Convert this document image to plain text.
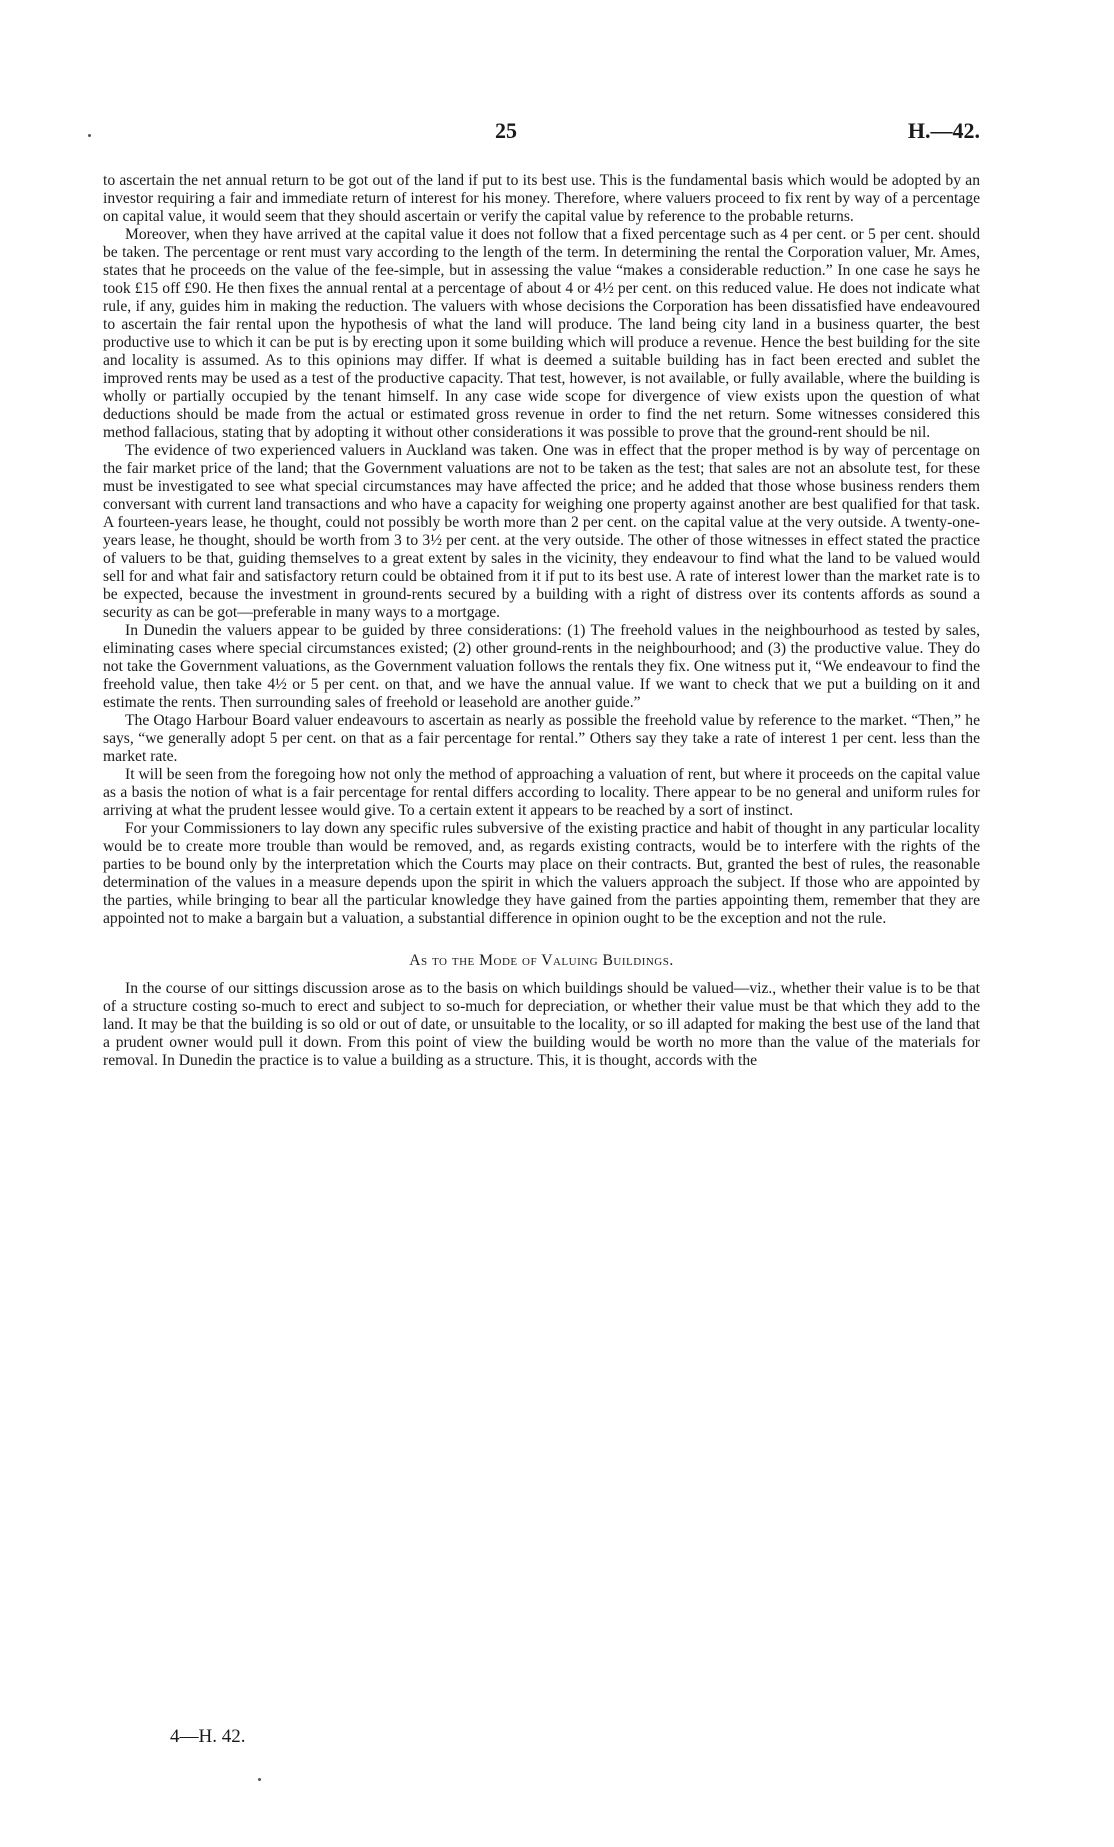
25	H.—42.

to ascertain the net annual return to be got out of the land if put to its best use. This is the fundamental basis which would be adopted by an investor requiring a fair and immediate return of interest for his money. Therefore, where valuers proceed to fix rent by way of a percentage on capital value, it would seem that they should ascertain or verify the capital value by reference to the probable returns.

Moreover, when they have arrived at the capital value it does not follow that a fixed percentage such as 4 per cent. or 5 per cent. should be taken. The percentage or rent must vary according to the length of the term. In determining the rental the Corporation valuer, Mr. Ames, states that he proceeds on the value of the fee-simple, but in assessing the value “makes a considerable reduction.” In one case he says he took £15 off £90. He then fixes the annual rental at a percentage of about 4 or 4½ per cent. on this reduced value. He does not indicate what rule, if any, guides him in making the reduction. The valuers with whose decisions the Corporation has been dissatisfied have endeavoured to ascertain the fair rental upon the hypothesis of what the land will produce. The land being city land in a business quarter, the best productive use to which it can be put is by erecting upon it some building which will produce a revenue. Hence the best building for the site and locality is assumed. As to this opinions may differ. If what is deemed a suitable building has in fact been erected and sublet the improved rents may be used as a test of the productive capacity. That test, however, is not available, or fully available, where the building is wholly or partially occupied by the tenant himself. In any case wide scope for divergence of view exists upon the question of what deductions should be made from the actual or estimated gross revenue in order to find the net return. Some witnesses considered this method fallacious, stating that by adopting it without other considerations it was possible to prove that the ground-rent should be nil.

The evidence of two experienced valuers in Auckland was taken. One was in effect that the proper method is by way of percentage on the fair market price of the land; that the Government valuations are not to be taken as the test; that sales are not an absolute test, for these must be investigated to see what special circumstances may have affected the price; and he added that those whose business renders them conversant with current land transactions and who have a capacity for weighing one property against another are best qualified for that task. A fourteen-years lease, he thought, could not possibly be worth more than 2 per cent. on the capital value at the very outside. A twenty-one-years lease, he thought, should be worth from 3 to 3½ per cent. at the very outside. The other of those witnesses in effect stated the practice of valuers to be that, guiding themselves to a great extent by sales in the vicinity, they endeavour to find what the land to be valued would sell for and what fair and satisfactory return could be obtained from it if put to its best use. A rate of interest lower than the market rate is to be expected, because the investment in ground-rents secured by a building with a right of distress over its contents affords as sound a security as can be got—preferable in many ways to a mortgage.

In Dunedin the valuers appear to be guided by three considerations: (1) The freehold values in the neighbourhood as tested by sales, eliminating cases where special circumstances existed; (2) other ground-rents in the neighbourhood; and (3) the productive value. They do not take the Government valuations, as the Government valuation follows the rentals they fix. One witness put it, “We endeavour to find the freehold value, then take 4½ or 5 per cent. on that, and we have the annual value. If we want to check that we put a building on it and estimate the rents. Then surrounding sales of freehold or leasehold are another guide.”

The Otago Harbour Board valuer endeavours to ascertain as nearly as possible the freehold value by reference to the market. “Then,” he says, “we generally adopt 5 per cent. on that as a fair percentage for rental.” Others say they take a rate of interest 1 per cent. less than the market rate.

It will be seen from the foregoing how not only the method of approaching a valuation of rent, but where it proceeds on the capital value as a basis the notion of what is a fair percentage for rental differs according to locality. There appear to be no general and uniform rules for arriving at what the prudent lessee would give. To a certain extent it appears to be reached by a sort of instinct.

For your Commissioners to lay down any specific rules subversive of the existing practice and habit of thought in any particular locality would be to create more trouble than would be removed, and, as regards existing contracts, would be to interfere with the rights of the parties to be bound only by the interpretation which the Courts may place on their contracts. But, granted the best of rules, the reasonable determination of the values in a measure depends upon the spirit in which the valuers approach the subject. If those who are appointed by the parties, while bringing to bear all the particular knowledge they have gained from the parties appointing them, remember that they are appointed not to make a bargain but a valuation, a substantial difference in opinion ought to be the exception and not the rule.

As to the Mode of Valuing Buildings.

In the course of our sittings discussion arose as to the basis on which buildings should be valued—viz., whether their value is to be that of a structure costing so-much to erect and subject to so-much for depreciation, or whether their value must be that which they add to the land. It may be that the building is so old or out of date, or unsuitable to the locality, or so ill adapted for making the best use of the land that a prudent owner would pull it down. From this point of view the building would be worth no more than the value of the materials for removal. In Dunedin the practice is to value a building as a structure. This, it is thought, accords with the

4—H. 42.
